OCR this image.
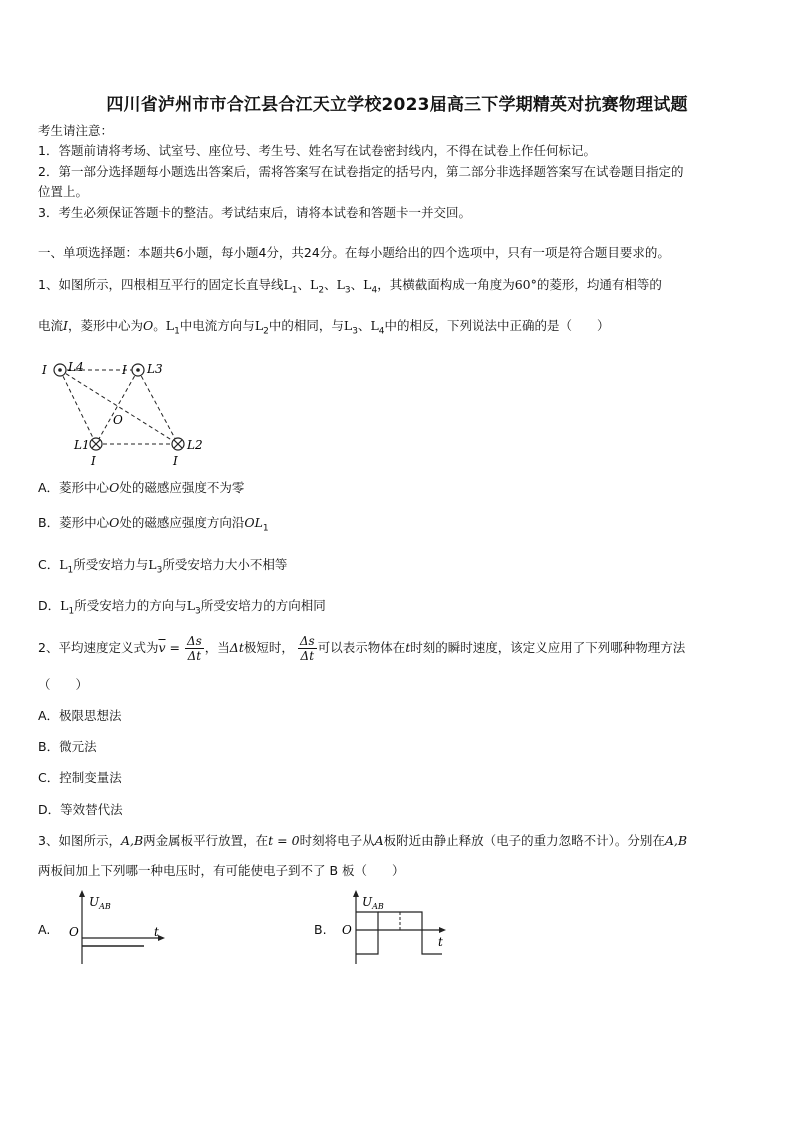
四川省泸州市市合江县合江天立学校2023届高三下学期精英对抗赛物理试题
考生请注意：
1．答题前请将考场、试室号、座位号、考生号、姓名写在试卷密封线内，不得在试卷上作任何标记。
2．第一部分选择题每小题选出答案后，需将答案写在试卷指定的括号内，第二部分非选择题答案写在试卷题目指定的
位置上。
3．考生必须保证答题卡的整洁。考试结束后，请将本试卷和答题卡一并交回。
一、单项选择题：本题共6小题，每小题4分，共24分。在每小题给出的四个选项中，只有一项是符合题目要求的。
1、如图所示，四根相互平行的固定长直导线$L_1$、$L_2$、$L_3$、$L_4$，其横截面构成一角度为60°的菱形，均通有相等的
电流I，菱形中心为O。$L_1$中电流方向与$L_2$中的相同，与$L_3$、$L_4$中的相反，下列说法中正确的是（　　）
I L4	I L3
O
L1	L2
I	I
A．菱形中心O处的磁感应强度不为零
B．菱形中心O处的磁感应强度方向沿$OL_1$
C．$L_1$所受安培力与$L_3$所受安培力大小不相等
D．$L_1$所受安培力的方向与$L_3$所受安培力的方向相同
2、平均速度定义式为$\overline{v} = \frac{\Delta s}{\Delta t}$ ，当Δt极短时， $\frac{\Delta s}{\Delta t}$ 可以表示物体在t时刻的瞬时速度，该定义应用了下列哪种物理方法
（　　）
A．极限思想法
B．微元法
C．控制变量法
D．等效替代法
3、如图所示，A,B两金属板平行放置，在t = 0时刻将电子从A板附近由静止释放（电子的重力忽略不计）。分别在A,B
两板间加上下列哪一种电压时，有可能使电子到不了 B 板（　　）
A.
$U_{AB}$
O	t	B.
$U_{AB}$
O
t
